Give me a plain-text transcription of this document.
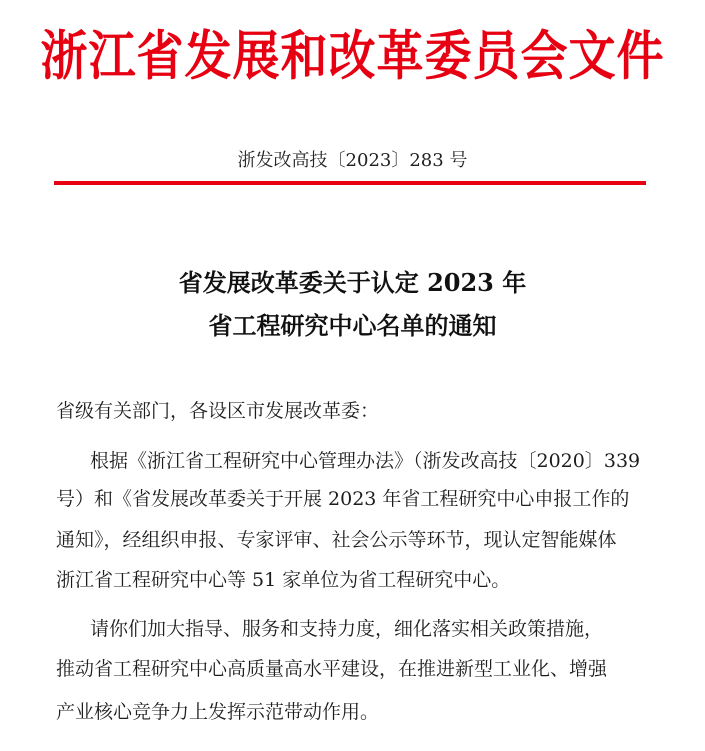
浙江省发展和改革委员会文件
浙发改高技〔2023〕283 号
省发展改革委关于认定 2023 年
省工程研究中心名单的通知
省级有关部门，各设区市发展改革委：
根据《浙江省工程研究中心管理办法》（浙发改高技〔2020〕339
号）和《省发展改革委关于开展 2023 年省工程研究中心申报工作的
通知》，经组织申报、专家评审、社会公示等环节，现认定智能媒体
浙江省工程研究中心等 51 家单位为省工程研究中心。
请你们加大指导、服务和支持力度，细化落实相关政策措施，
推动省工程研究中心高质量高水平建设，在推进新型工业化、增强
产业核心竞争力上发挥示范带动作用。
